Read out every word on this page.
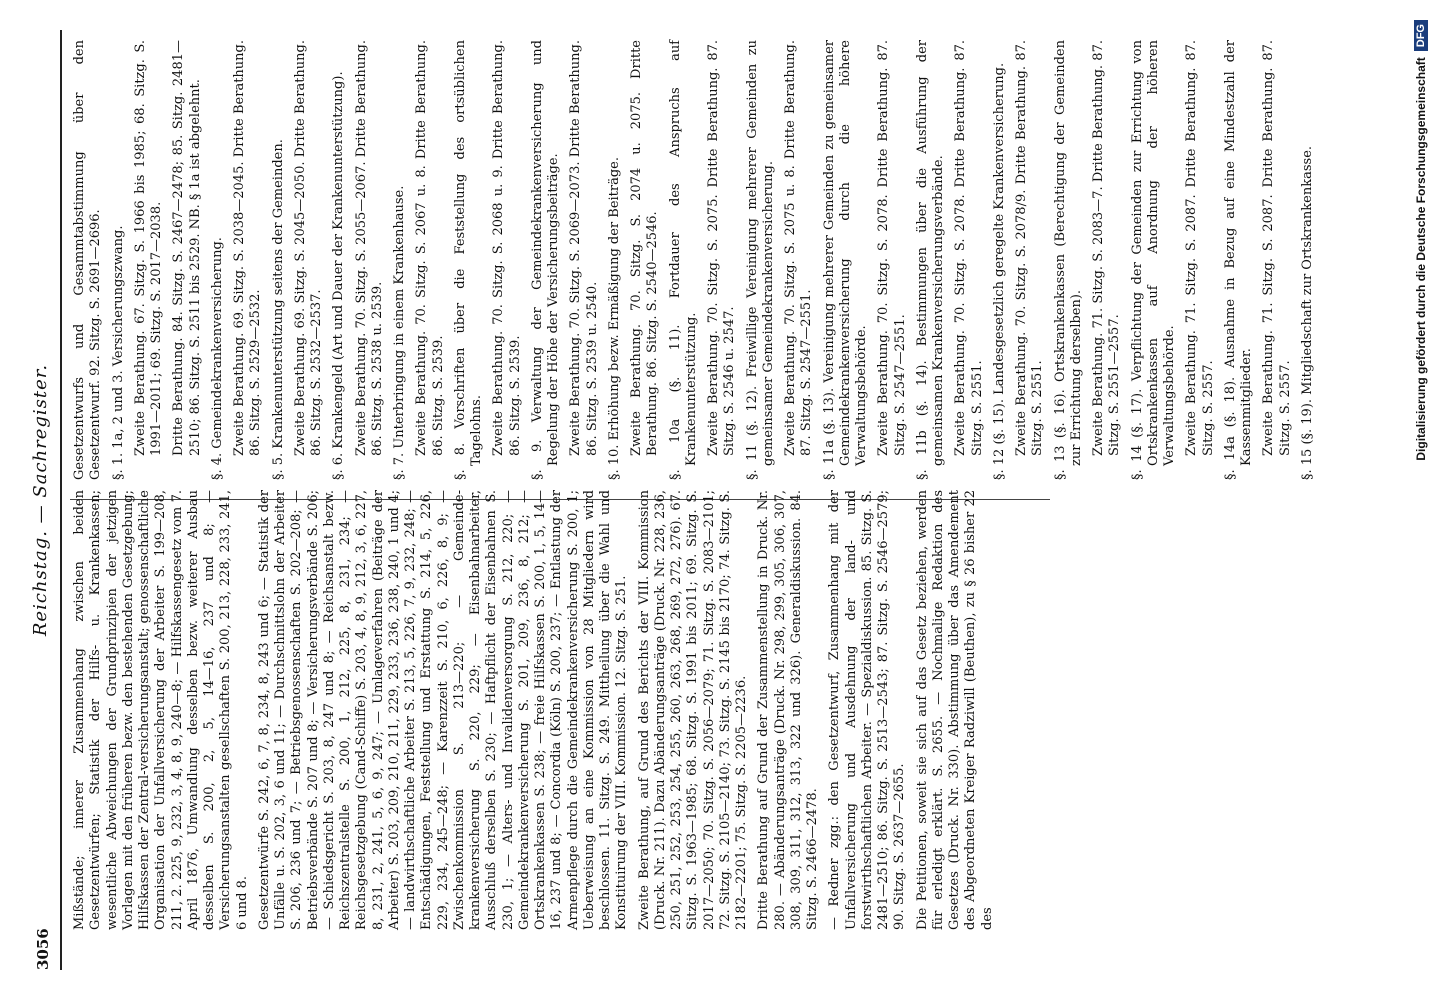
3056
Reichstag. — Sachregister. Mißstände; innerer Zusammenhang zwischen beiden Gesetzentwürfen; Statistik der Hilfs- u. Krankenkassen; wesentliche Abweichungen der Grundprinzipien der jetzigen Vorlagen mit den früheren bezw. den bestehenden Gesetzgebung; Hilfskassen der Zentral-versicherungsanstalt; genossenschaftliche Organisation der Unfallversicherung der Arbeiter S. 199—208, 211, 2. 225, 9, 232, 3, 4, 8, 9, 240—8; — Hilfskassengesetz vom 7. April 1876, Umwandlung desselben bezw. weiterer Ausbau desselben S. 200, 2, 5, 14—16, 237 und 8; — Versicherungsanstalten gesellschaften S. 200, 213, 228, 233, 241, 6 und 8. Gesetzentwürfe S. 242, 6, 7, 8, 234, 8, 243 und 6; — Statistik der Unfälle u. S. 202, 3, 6 und 11; — Durchschnittslohn der Arbeiter S. 206, 236 und 7; — Betriebsgenossenschaften S. 202—208; — Betriebsverbände S. 207 und 8; — Versicherungsverbände S. 206; — Schiedsgericht S. 203, 8, 247 und 8; — Reichsanstalt bezw. Reichszentralstelle S. 200, 1, 212, 225, 8, 231, 234; — Reichsgesetzgebung (Cand-Schiffe) S. 203, 4, 8, 9, 212, 3, 6, 227, 8, 231, 2, 241, 5, 6, 9, 247; — Umlageverfahren (Beiträge der Arbeiter) S. 203, 209, 210, 211, 229, 233, 236, 238, 240, 1 und 4; — landwirthschaftliche Arbeiter S. 213, 5, 226, 7, 9, 232, 248; — Entschädigungen, Feststellung und Erstattung S. 214, 5, 226, 229, 234, 245—248; — Karenzzeit S. 210, 6, 226, 8, 9; — Zwischenkommission S. 213—220; — Gemeinde-krankenversicherung S. 220, 229; — Eisenbahnarbeiter, Ausschluß derselben S. 230; — Haftpflicht der Eisenbahnen S. 230, 1; — Alters- und Invalidenversorgung S. 212, 220; — Gemeindekrankenversicherung S. 201, 209, 236, 8, 212; — Ortskrankenkassen S. 238; — freie Hilfskassen S. 200, 1, 5, 14—16, 237 und 8; — Concordia (Köln) S. 200, 237; — Entlastung der Armenpflege durch die Gemeindekrankenversicherung S. 200, 1; Ueberweisung an eine Kommission von 28 Mitgliedern wird beschlossen. 11. Sitzg. S. 249. Mittheilung über die Wahl und Konstituirung der VIII. Kommission. 12. Sitzg. S. 251. Zweite Berathung, auf Grund des Berichts der VIII. Kommission (Druck. Nr. 211). Dazu Abänderungsanträge (Druck. Nr. 228, 236, 250, 251, 252, 253, 254, 255, 260, 263, 268, 269, 272, 276). 67. Sitzg. S. 1963—1985; 68. Sitzg. S. 1991 bis 2011; 69. Sitzg. S. 2017—2050; 70. Sitzg. S. 2056—2079; 71. Sitzg. S. 2083—2101; 72. Sitzg. S. 2105—2140; 73. Sitzg. S. 2145 bis 2170; 74. Sitzg. S. 2182—2201; 75. Sitzg. S. 2205—2236. Dritte Berathung auf Grund der Zusammenstellung in Druck. Nr. 280. — Abänderungsanträge (Druck. Nr. 298, 299, 305, 306, 307, 308, 309, 311, 312, 313, 322 und 326). Generaldiskussion. 84. Sitzg. S. 2466—2478. — Redner zgg.: den Gesetzentwurf, Zusammenhang mit der Unfallversicherung und Ausdehnung der land- und forstwirthschaftlichen Arbeiter. — Spezialdiskussion. 85. Sitzg. S. 2481—2510; 86. Sitzg. S. 2513—2543; 87. Sitzg. S. 2546—2579; 90. Sitzg. S. 2637—2655. Die Petitionen, soweit sie sich auf das Gesetz beziehen, werden für erledigt erklärt. S. 2655. — Nochmalige Redaktion des Gesetzes (Druck. Nr. 330). Abstimmung über das Amendement des Abgeordneten Kreiger Radziwill (Beuthen), zu § 26 bisher 22 des

Gesetzentwurfs und Gesammtabstimmung über den Gesetzentwurf. 92. Sitzg. S. 2691—2696. §. 1. 1a, 2 und 3. Versicherungszwang. Zweite Berathung. 67. Sitzg. S. 1966 bis 1985; 68. Sitzg. S. 1991—2011; 69. Sitzg. S. 2017—2038. Dritte Berathung. 84. Sitzg. S. 2467—2478; 85. Sitzg. 2481—2510; 86. Sitzg. S. 2511 bis 2529. NB. § 1a ist abgelehnt. §. 4. Gemeindekrankenversicherung. Zweite Berathung. 69. Sitzg. S. 2038—2045. Dritte Berathung. 86. Sitzg. S. 2529—2532. §. 5. Krankenunterstützung seitens der Gemeinden. Zweite Berathung. 69. Sitzg. S. 2045—2050. Dritte Berathung. 86. Sitzg. S. 2532—2537. §. 6. Krankengeld (Art und Dauer der Krankenunterstützung). Zweite Berathung. 70. Sitzg. S. 2055—2067. Dritte Berathung. 86. Sitzg. S. 2538 u. 2539. §. 7. Unterbringung in einem Krankenhause. Zweite Berathung. 70. Sitzg. S. 2067 u. 8. Dritte Berathung. 86. Sitzg. S. 2539. §. 8. Vorschriften über die Feststellung des ortsüblichen Tagelohns. Zweite Berathung. 70. Sitzg. S. 2068 u. 9. Dritte Berathung. 86. Sitzg. S. 2539. §. 9. Verwaltung der Gemeindekrankenversicherung und Regelung der Höhe der Versicherungsbeiträge. Zweite Berathung. 70. Sitzg. S. 2069—2073. Dritte Berathung. 86. Sitzg. S. 2539 u. 2540. §. 10. Erhöhung bezw. Ermäßigung der Beiträge. Zweite Berathung. 70. Sitzg. S. 2074 u. 2075. Dritte Berathung. 86. Sitzg. S. 2540—2546. §. 10a (§. 11). Fortdauer des Anspruchs auf Krankenunterstützung. Zweite Berathung. 70. Sitzg. S. 2075. Dritte Berathung. 87. Sitzg. S. 2546 u. 2547. §. 11 (§. 12). Freiwillige Vereinigung mehrerer Gemeinden zu gemeinsamer Gemeindekrankenversicherung. Zweite Berathung. 70. Sitzg. S. 2075 u. 8. Dritte Berathung. 87. Sitzg. S. 2547—2551. §. 11a (§. 13). Vereinigung mehrerer Gemeinden zu gemeinsamer Gemeindekrankenversicherung durch die höhere Verwaltungsbehörde. Zweite Berathung. 70. Sitzg. S. 2078. Dritte Berathung. 87. Sitzg. S. 2547—2551. §. 11b (§. 14). Bestimmungen über die Ausführung der gemeinsamen Krankenversicherungsverbände. Zweite Berathung. 70. Sitzg. S. 2078. Dritte Berathung. 87. Sitzg. S. 2551. §. 12 (§. 15). Landesgesetzlich geregelte Krankenversicherung. Zweite Berathung. 70. Sitzg. S. 2078/9. Dritte Berathung. 87. Sitzg. S. 2551. §. 13 (§. 16). Ortskrankenkassen (Berechtigung der Gemeinden zur Errichtung derselben). Zweite Berathung. 71. Sitzg. S. 2083—7. Dritte Berathung. 87. Sitzg. S. 2551—2557. §. 14 (§. 17). Verpflichtung der Gemeinden zur Errichtung von Ortskrankenkassen auf Anordnung der höheren Verwaltungsbehörde. Zweite Berathung. 71. Sitzg. S. 2087. Dritte Berathung. 87. Sitzg. S. 2557. §. 14a (§. 18). Ausnahme in Bezug auf eine Mindestzahl der Kassenmitglieder. Zweite Berathung. 71. Sitzg. S. 2087. Dritte Berathung. 87. Sitzg. S. 2557. §. 15 (§. 19). Mitgliedschaft zur Ortskrankenkasse.	Digitalisierung gefördert durch die Deutsche Forschungsgemeinschaft
DFG
